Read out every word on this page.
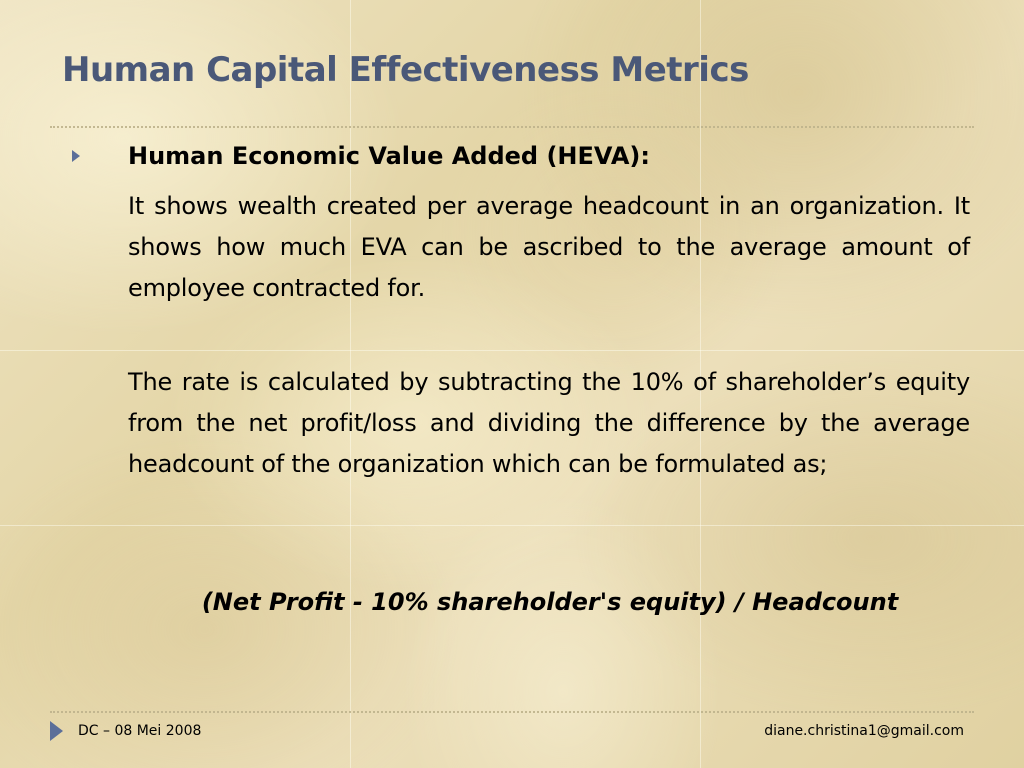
Human Capital Effectiveness Metrics

Human Economic Value Added (HEVA):

It shows wealth created per average headcount in an organization. It shows how much EVA can be ascribed to the average amount of employee contracted for.

The rate is calculated by subtracting the 10% of shareholder’s equity from the net profit/loss and dividing the difference by the average headcount of the organization which can be formulated as;

(Net Profit - 10% shareholder's equity) / Headcount
DC – 08 Mei 2008	diane.christina1@gmail.com
